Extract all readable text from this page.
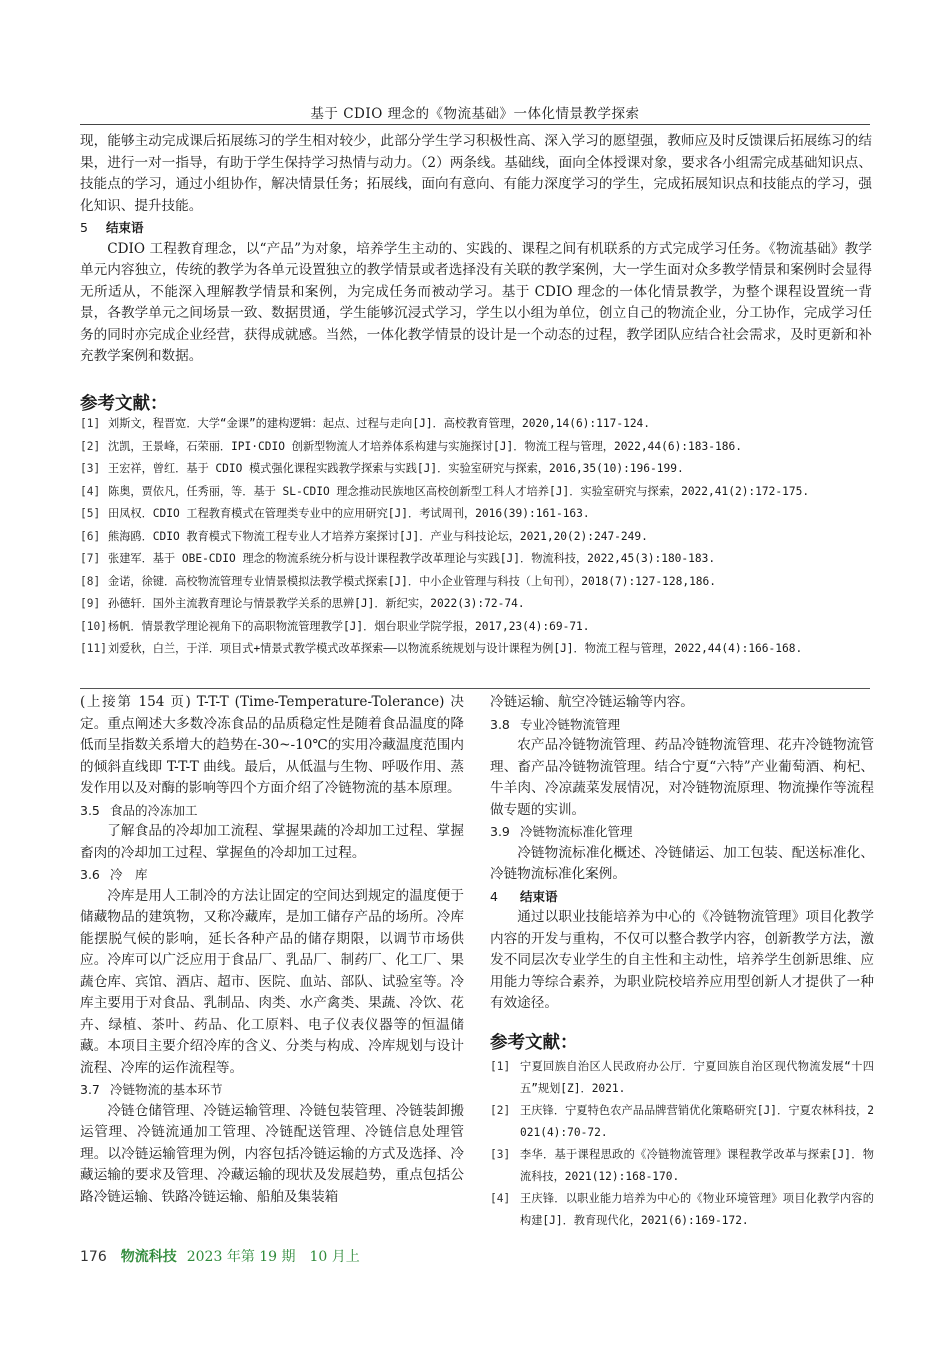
基于 CDIO 理念的《物流基础》一体化情景教学探索

现，能够主动完成课后拓展练习的学生相对较少，此部分学生学习积极性高、深入学习的愿望强，教师应及时反馈课后拓展练习的结果，进行一对一指导，有助于学生保持学习热情与动力。（2）两条线。基础线，面向全体授课对象，要求各小组需完成基础知识点、技能点的学习，通过小组协作，解决情景任务；拓展线，面向有意向、有能力深度学习的学生，完成拓展知识点和技能点的学习，强化知识、提升技能。

5 结束语

CDIO 工程教育理念，以“产品”为对象，培养学生主动的、实践的、课程之间有机联系的方式完成学习任务。《物流基础》教学单元内容独立，传统的教学为各单元设置独立的教学情景或者选择没有关联的教学案例，大一学生面对众多教学情景和案例时会显得无所适从，不能深入理解教学情景和案例，为完成任务而被动学习。基于 CDIO 理念的一体化情景教学，为整个课程设置统一背景，各教学单元之间场景一致、数据贯通，学生能够沉浸式学习，学生以小组为单位，创立自己的物流企业，分工协作，完成学习任务的同时亦完成企业经营，获得成就感。当然，一体化教学情景的设计是一个动态的过程，教学团队应结合社会需求，及时更新和补充教学案例和数据。

参考文献：
[1] 刘斯文，程晋宽．大学“金课”的建构逻辑：起点、过程与走向[J]．高校教育管理，2020,14(6):117-124.
[2] 沈凯，王景峰，石荣丽．IPI·CDIO 创新型物流人才培养体系构建与实施探讨[J]．物流工程与管理，2022,44(6):183-186.
[3] 王宏祥，曾红．基于 CDIO 模式强化课程实践教学探索与实践[J]．实验室研究与探索，2016,35(10):196-199.
[4] 陈奥，贾依凡，任秀丽，等．基于 SL-CDIO 理念推动民族地区高校创新型工科人才培养[J]．实验室研究与探索，2022,41(2):172-175.
[5] 田凤权．CDIO 工程教育模式在管理类专业中的应用研究[J]．考试周刊，2016(39):161-163.
[6] 熊海鸥．CDIO 教育模式下物流工程专业人才培养方案探讨[J]．产业与科技论坛，2021,20(2):247-249.
[7] 张建军．基于 OBE-CDIO 理念的物流系统分析与设计课程教学改革理论与实践[J]．物流科技，2022,45(3):180-183.
[8] 金诺，徐键．高校物流管理专业情景模拟法教学模式探索[J]．中小企业管理与科技（上旬刊），2018(7):127-128,186.
[9] 孙德轩．国外主流教育理论与情景教学关系的思辨[J]．新纪实，2022(3):72-74.
[10] 杨帆．情景教学理论视角下的高职物流管理教学[J]．烟台职业学院学报，2017,23(4):69-71.
[11] 刘爱秋，白兰，于洋．项目式+情景式教学模式改革探索——以物流系统规划与设计课程为例[J]．物流工程与管理，2022,44(4):166-168.

(上接第 154 页) T-T-T (Time-Temperature-Tolerance) 决定。重点阐述大多数冷冻食品的品质稳定性是随着食品温度的降低而呈指数关系增大的趋势在-30~-10℃的实用冷藏温度范围内的倾斜直线即 T-T-T 曲线。最后，从低温与生物、呼吸作用、蒸发作用以及对酶的影响等四个方面介绍了冷链物流的基本原理。

3.5 食品的冷冻加工

了解食品的冷却加工流程、掌握果蔬的冷却加工过程、掌握畜肉的冷却加工过程、掌握鱼的冷却加工过程。

3.6 冷　库

冷库是用人工制冷的方法让固定的空间达到规定的温度便于储藏物品的建筑物，又称冷藏库，是加工储存产品的场所。冷库能摆脱气候的影响，延长各种产品的储存期限，以调节市场供应。冷库可以广泛应用于食品厂、乳品厂、制药厂、化工厂、果蔬仓库、宾馆、酒店、超市、医院、血站、部队、试验室等。冷库主要用于对食品、乳制品、肉类、水产禽类、果蔬、冷饮、花卉、绿植、茶叶、药品、化工原料、电子仪表仪器等的恒温储藏。本项目主要介绍冷库的含义、分类与构成、冷库规划与设计流程、冷库的运作流程等。

3.7 冷链物流的基本环节

冷链仓储管理、冷链运输管理、冷链包装管理、冷链装卸搬运管理、冷链流通加工管理、冷链配送管理、冷链信息处理管理。以冷链运输管理为例，内容包括冷链运输的方式及选择、冷藏运输的要求及管理、冷藏运输的现状及发展趋势，重点包括公路冷链运输、铁路冷链运输、船舶及集装箱

冷链运输、航空冷链运输等内容。

3.8 专业冷链物流管理

农产品冷链物流管理、药品冷链物流管理、花卉冷链物流管理、畜产品冷链物流管理。结合宁夏“六特”产业葡萄酒、枸杞、牛羊肉、冷凉蔬菜发展情况，对冷链物流原理、物流操作等流程做专题的实训。

3.9 冷链物流标准化管理

冷链物流标准化概述、冷链储运、加工包装、配送标准化、冷链物流标准化案例。

4 结束语

通过以职业技能培养为中心的《冷链物流管理》项目化教学内容的开发与重构，不仅可以整合教学内容，创新教学方法，激发不同层次专业学生的自主性和主动性，培养学生创新思维、应用能力等综合素养，为职业院校培养应用型创新人才提供了一种有效途径。

参考文献：
[1] 宁夏回族自治区人民政府办公厅．宁夏回族自治区现代物流发展“十四五”规划[Z]．2021.
[2] 王庆锋．宁夏特色农产品品牌营销优化策略研究[J]．宁夏农林科技，2021(4):70-72.
[3] 李华．基于课程思政的《冷链物流管理》课程教学改革与探索[J]．物流科技，2021(12):168-170.
[4] 王庆锋．以职业能力培养为中心的《物业环境管理》项目化教学内容的构建[J]．教育现代化，2021(6):169-172.
176 物流科技 2023 年第 19 期　10 月上
